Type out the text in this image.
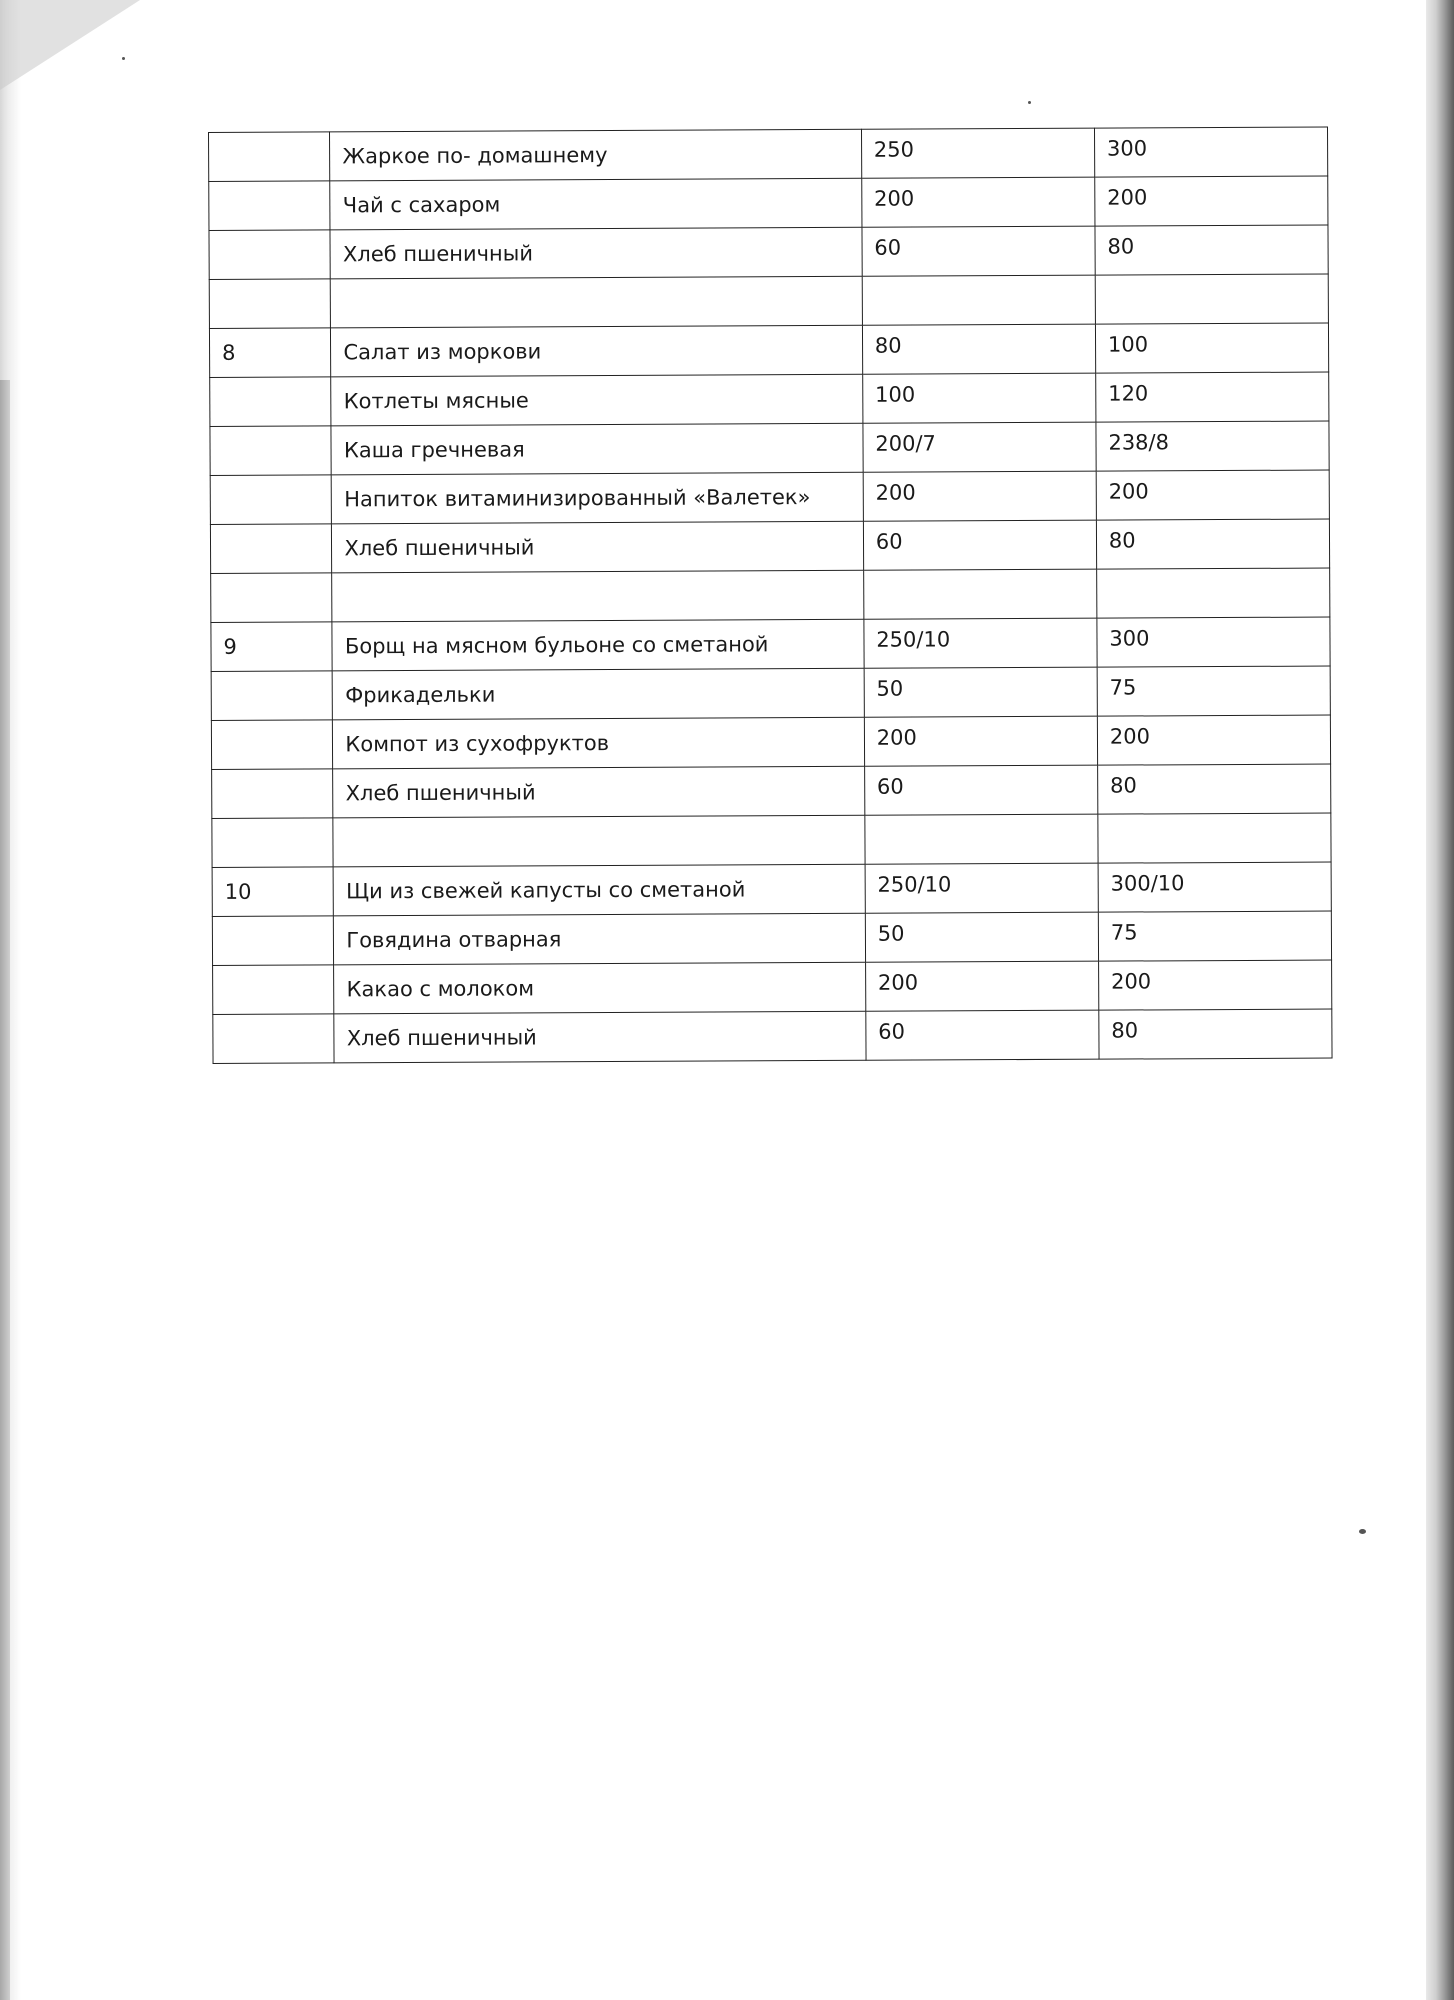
	Жаркое по- домашнему	250	300
	Чай с сахаром	200	200
	Хлеб пшеничный	60	80

8	Салат из моркови	80	100
	Котлеты мясные	100	120
	Каша гречневая	200/7	238/8
	Напиток витаминизированный «Валетек»	200	200
	Хлеб пшеничный	60	80

9	Борщ на мясном бульоне со сметаной	250/10	300
	Фрикадельки	50	75
	Компот из сухофруктов	200	200
	Хлеб пшеничный	60	80

10	Щи из свежей капусты со сметаной	250/10	300/10
	Говядина отварная	50	75
	Какао с молоком	200	200
	Хлеб пшеничный	60	80
